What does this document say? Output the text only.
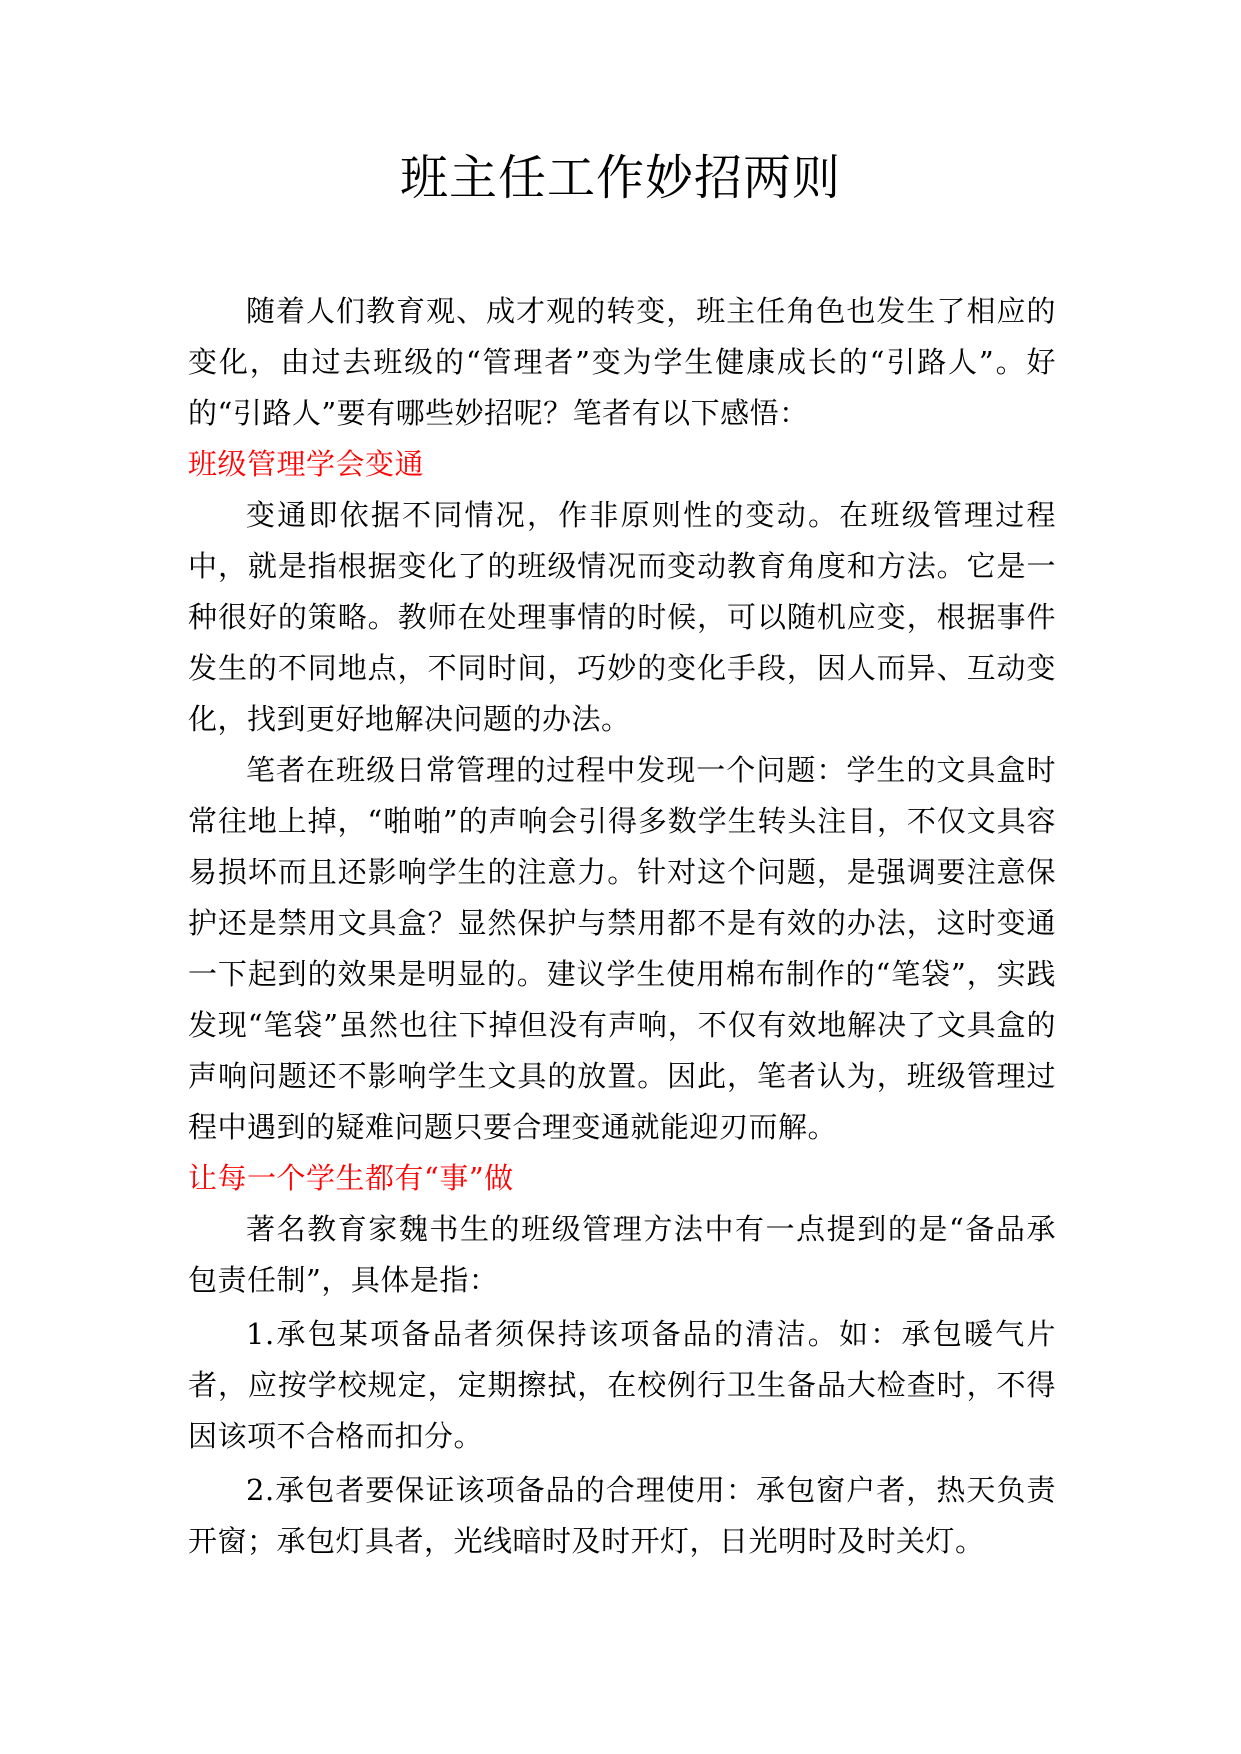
班主任工作妙招两则

随着人们教育观、成才观的转变，班主任角色也发生了相应的变化，由过去班级的“管理者”变为学生健康成长的“引路人”。好的“引路人”要有哪些妙招呢？笔者有以下感悟：

班级管理学会变通

变通即依据不同情况，作非原则性的变动。在班级管理过程中，就是指根据变化了的班级情况而变动教育角度和方法。它是一种很好的策略。教师在处理事情的时候，可以随机应变，根据事件发生的不同地点，不同时间，巧妙的变化手段，因人而异、互动变化，找到更好地解决问题的办法。

笔者在班级日常管理的过程中发现一个问题：学生的文具盒时常往地上掉，“啪啪”的声响会引得多数学生转头注目，不仅文具容易损坏而且还影响学生的注意力。针对这个问题，是强调要注意保护还是禁用文具盒？显然保护与禁用都不是有效的办法，这时变通一下起到的效果是明显的。建议学生使用棉布制作的“笔袋”，实践发现“笔袋”虽然也往下掉但没有声响，不仅有效地解决了文具盒的声响问题还不影响学生文具的放置。因此，笔者认为，班级管理过程中遇到的疑难问题只要合理变通就能迎刃而解。

让每一个学生都有“事”做

著名教育家魏书生的班级管理方法中有一点提到的是“备品承包责任制”，具体是指：

1.承包某项备品者须保持该项备品的清洁。如：承包暖气片者，应按学校规定，定期擦拭，在校例行卫生备品大检查时，不得因该项不合格而扣分。

2.承包者要保证该项备品的合理使用：承包窗户者，热天负责开窗；承包灯具者，光线暗时及时开灯，日光明时及时关灯。
